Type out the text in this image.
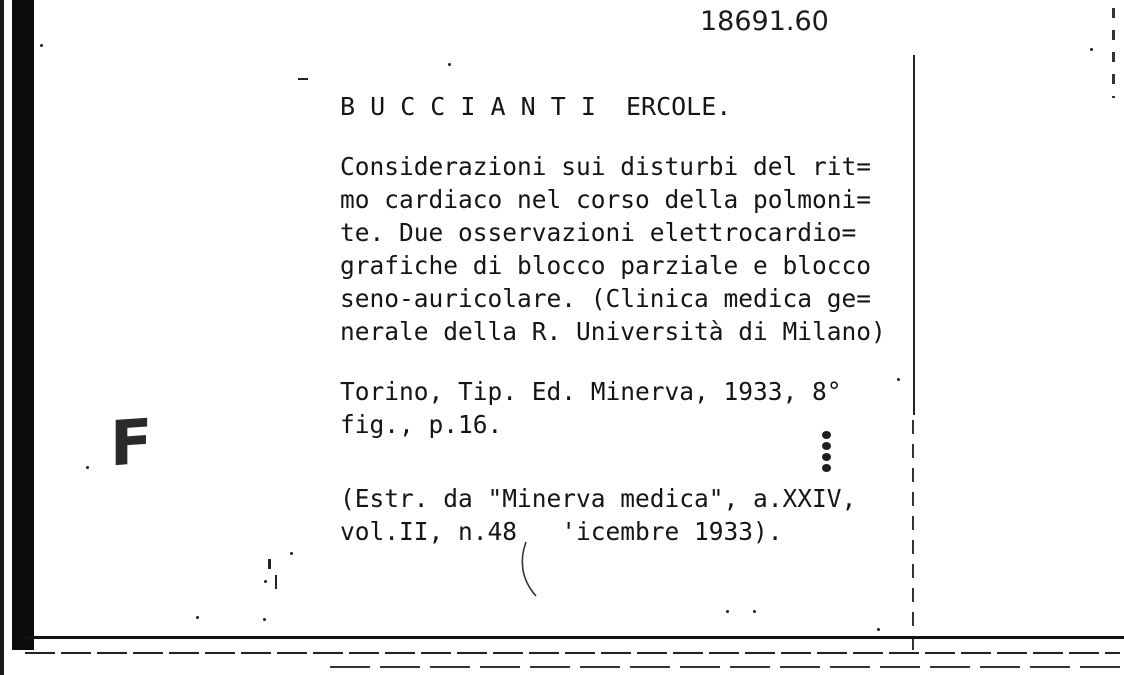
18691.60
F

B U C C I A N T I  ERCOLE.

Considerazioni sui disturbi del rit=

mo cardiaco nel corso della polmoni=

te. Due osservazioni elettrocardio=

grafiche di blocco parziale e blocco

seno-auricolare. (Clinica medica ge=

nerale della R. Università di Milano)

Torino, Tip. Ed. Minerva, 1933, 8°

fig., p.16.

(Estr. da "Minerva medica", a.XXIV,

vol.II, n.48   'icembre 1933).
